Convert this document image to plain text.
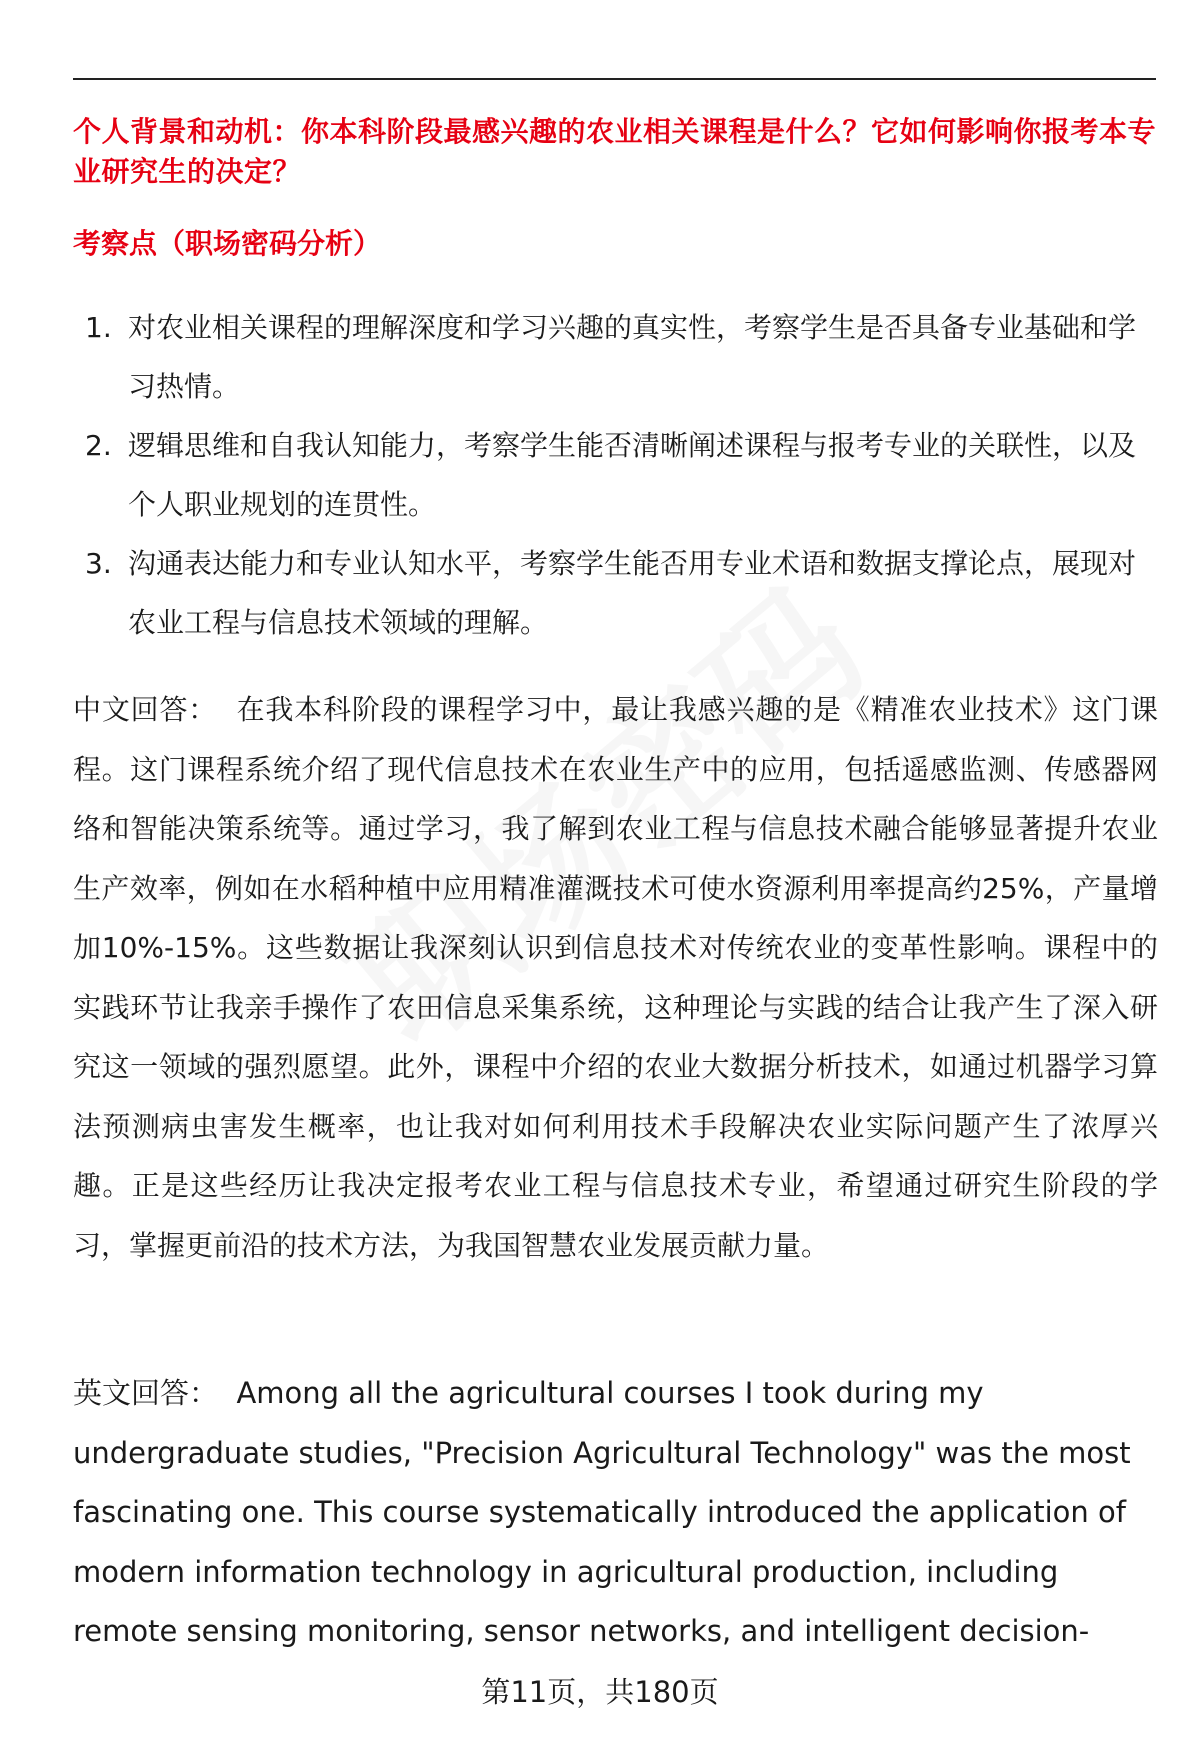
个人背景和动机：你本科阶段最感兴趣的农业相关课程是什么？它如何影响你报考本专业研究生的决定？
考察点（职场密码分析）
1. 对农业相关课程的理解深度和学习兴趣的真实性，考察学生是否具备专业基础和学习热情。
2. 逻辑思维和自我认知能力，考察学生能否清晰阐述课程与报考专业的关联性，以及个人职业规划的连贯性。
3. 沟通表达能力和专业认知水平，考察学生能否用专业术语和数据支撑论点，展现对农业工程与信息技术领域的理解。
中文回答： 在我本科阶段的课程学习中，最让我感兴趣的是《精准农业技术》这门课程。这门课程系统介绍了现代信息技术在农业生产中的应用，包括遥感监测、传感器网络和智能决策系统等。通过学习，我了解到农业工程与信息技术融合能够显著提升农业生产效率，例如在水稻种植中应用精准灌溉技术可使水资源利用率提高约25%，产量增加10%-15%。这些数据让我深刻认识到信息技术对传统农业的变革性影响。课程中的实践环节让我亲手操作了农田信息采集系统，这种理论与实践的结合让我产生了深入研究这一领域的强烈愿望。此外，课程中介绍的农业大数据分析技术，如通过机器学习算法预测病虫害发生概率，也让我对如何利用技术手段解决农业实际问题产生了浓厚兴趣。正是这些经历让我决定报考农业工程与信息技术专业，希望通过研究生阶段的学习，掌握更前沿的技术方法，为我国智慧农业发展贡献力量。
英文回答： Among all the agricultural courses I took during my undergraduate studies, "Precision Agricultural Technology" was the most fascinating one. This course systematically introduced the application of modern information technology in agricultural production, including remote sensing monitoring, sensor networks, and intelligent decision-
第11页，共180页
